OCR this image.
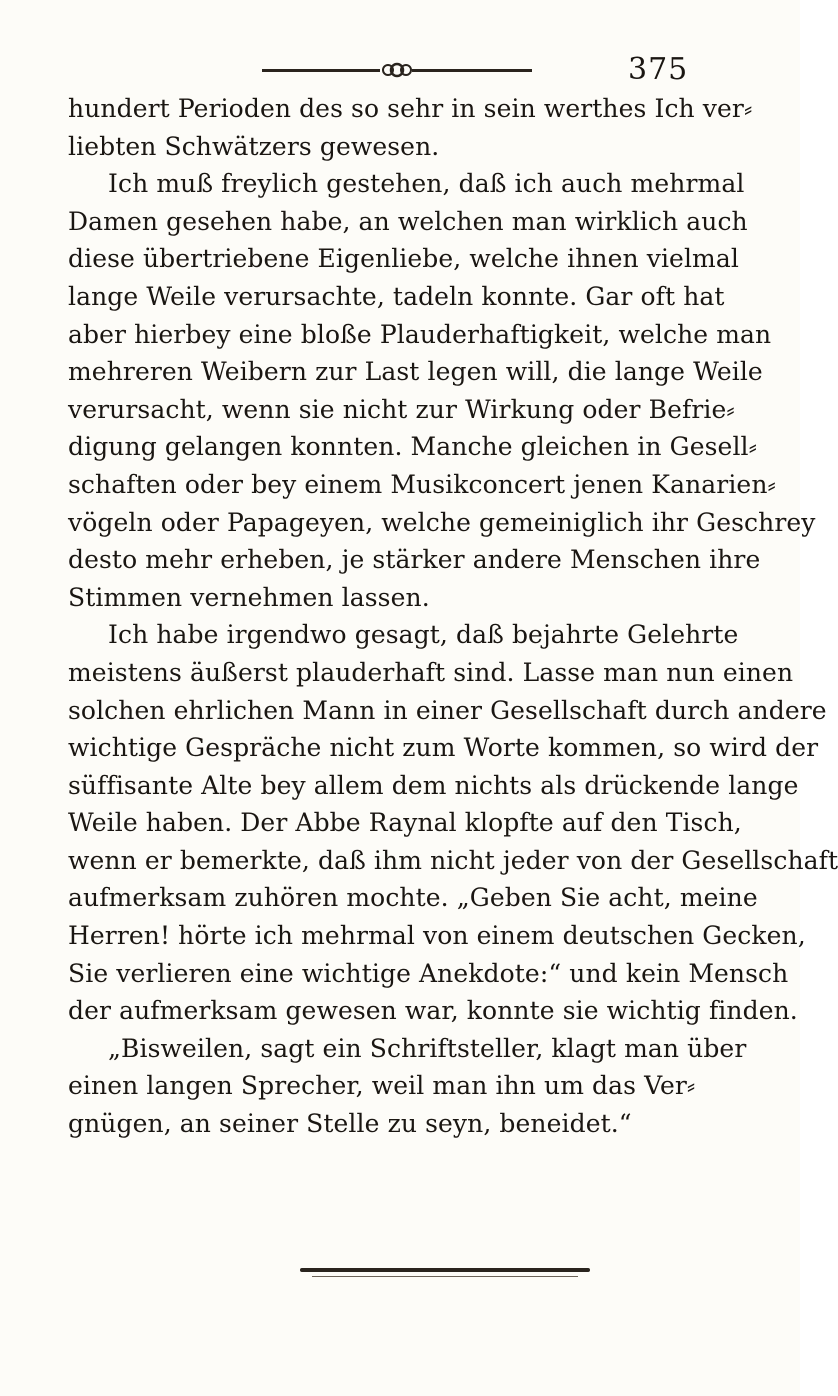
375
hundert Perioden des so sehr in sein werthes Ich ver⸗
liebten Schwätzers gewesen.
Ich muß freylich gestehen, daß ich auch mehrmal
Damen gesehen habe, an welchen man wirklich auch
diese übertriebene Eigenliebe, welche ihnen vielmal
lange Weile verursachte, tadeln konnte. Gar oft hat
aber hierbey eine bloße Plauderhaftigkeit, welche man
mehreren Weibern zur Last legen will, die lange Weile
verursacht, wenn sie nicht zur Wirkung oder Befrie⸗
digung gelangen konnten. Manche gleichen in Gesell⸗
schaften oder bey einem Musikconcert jenen Kanarien⸗
vögeln oder Papageyen, welche gemeiniglich ihr Geschrey
desto mehr erheben, je stärker andere Menschen ihre
Stimmen vernehmen lassen.
Ich habe irgendwo gesagt, daß bejahrte Gelehrte
meistens äußerst plauderhaft sind. Lasse man nun einen
solchen ehrlichen Mann in einer Gesellschaft durch andere
wichtige Gespräche nicht zum Worte kommen, so wird der
süffisante Alte bey allem dem nichts als drückende lange
Weile haben. Der Abbe Raynal klopfte auf den Tisch,
wenn er bemerkte, daß ihm nicht jeder von der Gesellschaft
aufmerksam zuhören mochte. „Geben Sie acht, meine
Herren! hörte ich mehrmal von einem deutschen Gecken,
Sie verlieren eine wichtige Anekdote:“ und kein Mensch
der aufmerksam gewesen war, konnte sie wichtig finden.
„Bisweilen, sagt ein Schriftsteller, klagt man über
einen langen Sprecher, weil man ihn um das Ver⸗
gnügen, an seiner Stelle zu seyn, beneidet.“
